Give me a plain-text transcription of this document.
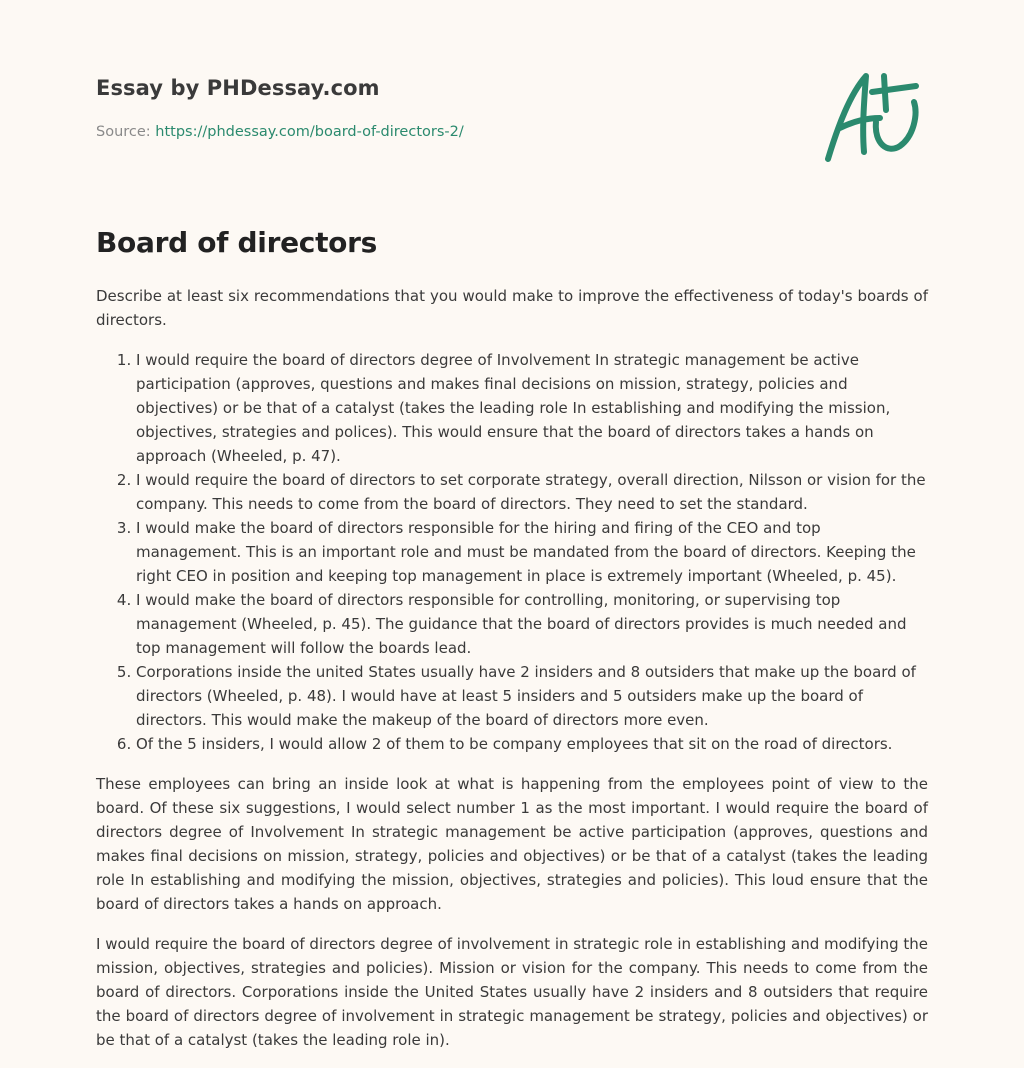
Essay by PHDessay.com
Source: https://phdessay.com/board-of-directors-2/
Board of directors

Describe at least six recommendations that you would make to improve the effectiveness of today's boards of directors.

1. I would require the board of directors degree of Involvement In strategic management be active participation (approves, questions and makes final decisions on mission, strategy, policies and objectives) or be that of a catalyst (takes the leading role In establishing and modifying the mission, objectives, strategies and polices). This would ensure that the board of directors takes a hands on approach (Wheeled, p. 47).
2. I would require the board of directors to set corporate strategy, overall direction, Nilsson or vision for the company. This needs to come from the board of directors. They need to set the standard.
3. I would make the board of directors responsible for the hiring and firing of the CEO and top management. This is an important role and must be mandated from the board of directors. Keeping the right CEO in position and keeping top management in place is extremely important (Wheeled, p. 45).
4. I would make the board of directors responsible for controlling, monitoring, or supervising top management (Wheeled, p. 45). The guidance that the board of directors provides is much needed and top management will follow the boards lead.
5. Corporations inside the united States usually have 2 insiders and 8 outsiders that make up the board of directors (Wheeled, p. 48). I would have at least 5 insiders and 5 outsiders make up the board of directors. This would make the makeup of the board of directors more even.
6. Of the 5 insiders, I would allow 2 of them to be company employees that sit on the road of directors.

These employees can bring an inside look at what is happening from the employees point of view to the board. Of these six suggestions, I would select number 1 as the most important. I would require the board of directors degree of Involvement In strategic management be active participation (approves, questions and makes final decisions on mission, strategy, policies and objectives) or be that of a catalyst (takes the leading role In establishing and modifying the mission, objectives, strategies and policies). This loud ensure that the board of directors takes a hands on approach.

I would require the board of directors degree of involvement in strategic role in establishing and modifying the mission, objectives, strategies and policies). Mission or vision for the company. This needs to come from the board of directors. Corporations inside the United States usually have 2 insiders and 8 outsiders that require the board of directors degree of involvement in strategic management be strategy, policies and objectives) or be that of a catalyst (takes the leading role in).
